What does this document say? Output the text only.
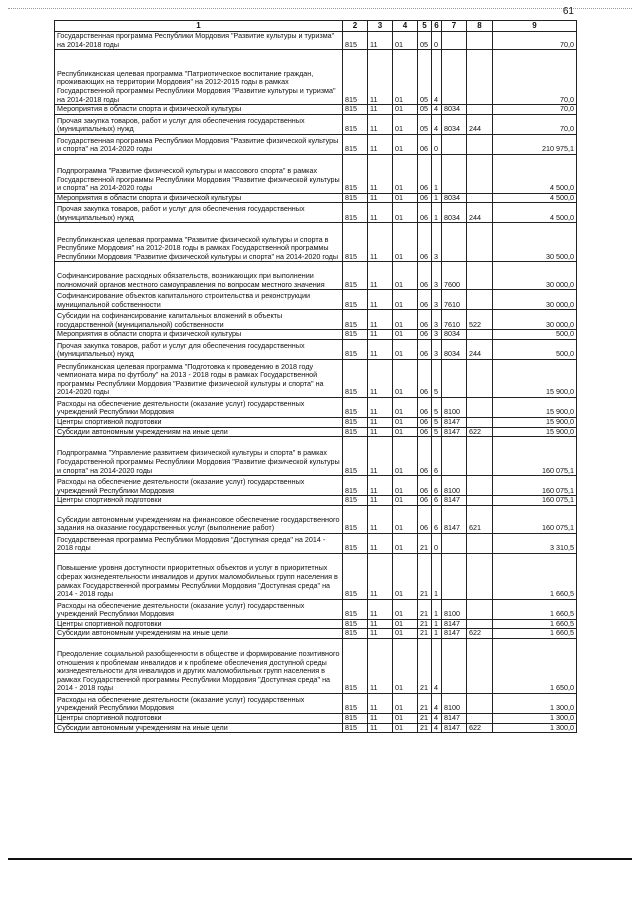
61
1	2	3	4	5	6	7	8	9
Государственная программа Республики Мордовия "Развитие культуры и туризма" на 2014-2018 годы	815	11	01	05	0			70,0
Республиканская целевая программа "Патриотическое воспитание граждан, проживающих на территории Мордовия" на 2012-2015 годы в рамках Государственной программы Республики Мордовия "Развитие культуры и туризма" на 2014-2018 годы	815	11	01	05	4			70,0
Мероприятия в области спорта и физической культуры	815	11	01	05	4	8034		70,0
Прочая закупка товаров, работ и услуг для обеспечения государственных (муниципальных) нужд	815	11	01	05	4	8034	244	70,0
Государственная программа Республики Мордовия "Развитие физической культуры и спорта" на 2014-2020 годы	815	11	01	06	0			210 975,1
Подпрограмма "Развитие физической культуры и массового спорта" в рамках Государственной программы Республики Мордовия "Развитие физической культуры и спорта" на 2014-2020 годы	815	11	01	06	1			4 500,0
Мероприятия в области спорта и физической культуры	815	11	01	06	1	8034		4 500,0
Прочая закупка товаров, работ и услуг для обеспечения государственных (муниципальных) нужд	815	11	01	06	1	8034	244	4 500,0
Республиканская целевая программа "Развитие физической культуры и спорта в Республике Мордовия" на 2012-2018 годы в рамках Государственной программы Республики Мордовия "Развитие физической культуры и спорта" на 2014-2020 годы	815	11	01	06	3			30 500,0
Софинансирование расходных обязательств, возникающих при выполнении полномочий органов местного самоуправления по вопросам местного значения	815	11	01	06	3	7600		30 000,0
Софинансирование объектов капитального строительства и реконструкции муниципальной собственности	815	11	01	06	3	7610		30 000,0
Субсидии на софинансирование капитальных вложений в объекты государственной (муниципальной) собственности	815	11	01	06	3	7610	522	30 000,0
Мероприятия в области спорта и физической культуры	815	11	01	06	3	8034		500,0
Прочая закупка товаров, работ и услуг для обеспечения государственных (муниципальных) нужд	815	11	01	06	3	8034	244	500,0
Республиканская целевая программа "Подготовка к проведению в 2018 году чемпионата мира по футболу" на 2013 - 2018 годы в рамках Государственной программы Республики Мордовия "Развитие физической культуры и спорта" на 2014-2020 годы	815	11	01	06	5			15 900,0
Расходы на обеспечение деятельности (оказание услуг) государственных учреждений Республики Мордовия	815	11	01	06	5	8100		15 900,0
Центры спортивной подготовки	815	11	01	06	5	8147		15 900,0
Субсидии автономным учреждениям на иные цели	815	11	01	06	5	8147	622	15 900,0
Подпрограмма "Управление развитием физической культуры и спорта" в рамках Государственной программы Республики Мордовия "Развитие физической культуры и спорта" на 2014-2020 годы	815	11	01	06	6			160 075,1
Расходы на обеспечение деятельности (оказание услуг) государственных учреждений Республики Мордовия	815	11	01	06	6	8100		160 075,1
Центры спортивной подготовки	815	11	01	06	6	8147		160 075,1
Субсидии автономным учреждениям на финансовое обеспечение государственного задания на оказание государственных услуг (выполнение работ)	815	11	01	06	6	8147	621	160 075,1
Государственная программа Республики Мордовия "Доступная среда" на 2014 - 2018 годы	815	11	01	21	0			3 310,5
Повышение уровня доступности приоритетных объектов и услуг в приоритетных сферах жизнедеятельности инвалидов и других маломобильных групп населения в рамках Государственной программы Республики Мордовия "Доступная среда" на 2014 - 2018 годы	815	11	01	21	1			1 660,5
Расходы на обеспечение деятельности (оказание услуг) государственных учреждений Республики Мордовия	815	11	01	21	1	8100		1 660,5
Центры спортивной подготовки	815	11	01	21	1	8147		1 660,5
Субсидии автономным учреждениям на иные цели	815	11	01	21	1	8147	622	1 660,5
Преодоление социальной разобщенности в обществе и формирование позитивного отношения к проблемам инвалидов и к проблеме обеспечения доступной среды жизнедеятельности для инвалидов и других маломобильных групп населения в рамках Государственной программы Республики Мордовия "Доступная среда" на 2014 - 2018 годы	815	11	01	21	4			1 650,0
Расходы на обеспечение деятельности (оказание услуг) государственных учреждений Республики Мордовия	815	11	01	21	4	8100		1 300,0
Центры спортивной подготовки	815	11	01	21	4	8147		1 300,0
Субсидии автономным учреждениям на иные цели	815	11	01	21	4	8147	622	1 300,0
